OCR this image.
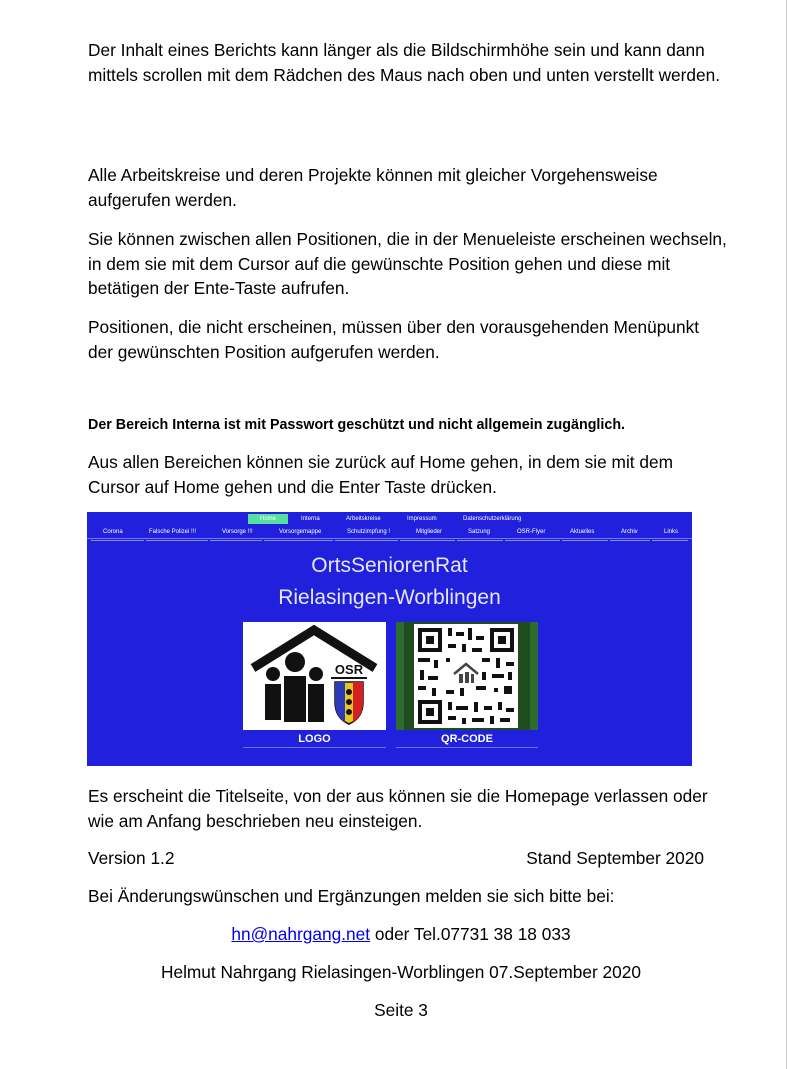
Der Inhalt eines Berichts kann länger als die Bildschirmhöhe sein und kann dann mittels scrollen mit dem Rädchen des Maus nach oben und unten verstellt werden.
Alle Arbeitskreise und deren Projekte können mit gleicher Vorgehensweise aufgerufen werden.
Sie können zwischen allen Positionen, die in der Menueleiste erscheinen wechseln, in dem sie mit dem Cursor auf die gewünschte Position gehen und diese mit betätigen der Ente-Taste aufrufen.
Positionen, die nicht erscheinen, müssen über den vorausgehenden Menüpunkt der gewünschten Position aufgerufen werden.
Der Bereich Interna ist mit Passwort geschützt und nicht allgemein zugänglich.
Aus allen Bereichen können sie zurück auf Home gehen, in dem sie mit dem Cursor auf Home gehen und die Enter Taste drücken.
Home	Interna	Arbeitskreise	Impressum	Datenschutzerklärung
Corona	Falsche Polizei !!!	Vorsorge !!!	Vorsorgemappe	Schutzimpfung !	Mitglieder	Satzung	OSR-Flyer	Aktuelles	Archiv	Links
OrtsSeniorenRat
Rielasingen-Worblingen
OSR
LOGO	QR-CODE
Es erscheint die Titelseite, von der aus können sie die Homepage verlassen oder wie am Anfang beschrieben neu einsteigen.
Version 1.2	Stand September 2020
Bei Änderungswünschen und Ergänzungen melden sie sich bitte bei:
hn@nahrgang.net oder Tel.07731 38 18 033
Helmut Nahrgang Rielasingen-Worblingen 07.September 2020
Seite 3
